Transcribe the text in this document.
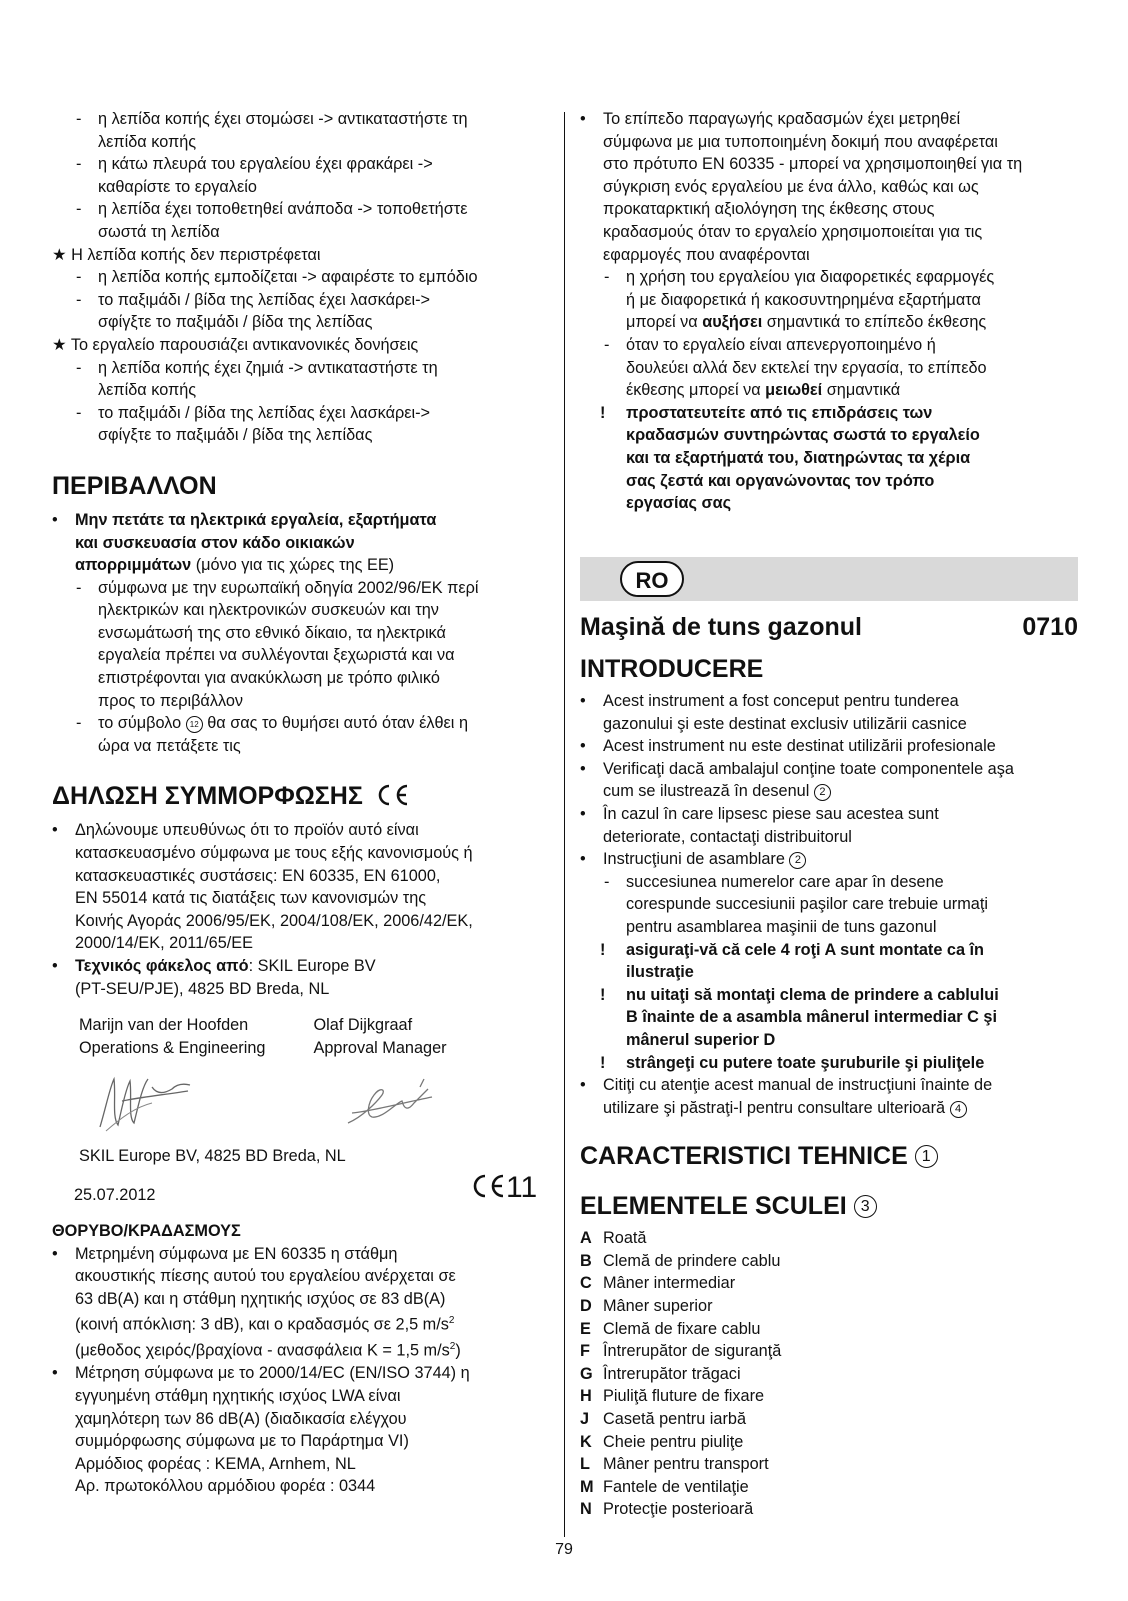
-	η λεπίδα κοπής έχει στομώσει -> αντικαταστήστε τη
λεπίδα κοπής
-	η κάτω πλευρά του εργαλείου έχει φρακάρει ->
καθαρίστε το εργαλείο
-	η λεπίδα έχει τοποθετηθεί ανάποδα -> τοποθετήστε
σωστά τη λεπίδα
★ Η λεπίδα κοπής δεν περιστρέφεται
-	η λεπίδα κοπής εμποδίζεται -> αφαιρέστε το εμπόδιο
-	το παξιμάδι / βίδα της λεπίδας έχει λασκάρει->
σφίγξτε το παξιμάδι / βίδα της λεπίδας
★ Το εργαλείο παρουσιάζει αντικανονικές δονήσεις
-	η λεπίδα κοπής έχει ζημιά -> αντικαταστήστε τη
λεπίδα κοπής
-	το παξιμάδι / βίδα της λεπίδας έχει λασκάρει->
σφίγξτε το παξιμάδι / βίδα της λεπίδας
ΠΕΡΙΒΑΛΛΟΝ
•	Μην πετάτε τα ηλεκτρικά εργαλεία, εξαρτήματα
και συσκευασία στον κάδο οικιακών
απορριμμάτων (μόνο για τις χώρες της ΕΕ)
-	σύμφωνα με την ευρωπαϊκή οδηγία 2002/96/ΕΚ περί
ηλεκτρικών και ηλεκτρονικών συσκευών και την
ενσωμάτωσή της στο εθνικό δίκαιο, τα ηλεκτρικά
εργαλεία πρέπει να συλλέγονται ξεχωριστά και να
επιστρέφονται για ανακύκλωση με τρόπο φιλικό
προς το περιβάλλον
-	το σύμβολο 12 θα σας το θυμήσει αυτό όταν έλθει η
ώρα να πετάξετε τις
ΔΗΛΩΣΗ ΣΥΜΜΟΡΦΩΣΗΣ
•	Δηλώνουμε υπευθύνως ότι το προϊόν αυτό είναι
κατασκευασμένο σύμφωνα με τους εξής κανονισμούς ή
κατασκευαστικές συστάσεις: EN 60335, EN 61000,
EN 55014 κατά τις διατάξεις των κανονισμών της
Κοινής Αγοράς 2006/95/ΕΚ, 2004/108/ΕΚ, 2006/42/ΕΚ,
2000/14/ΕΚ, 2011/65/ΕΕ
•	Τεχνικός φάκελος από: SKIL Europe BV
(PT-SEU/PJE), 4825 BD Breda, NL
Marijn van der Hoofden
Operations & Engineering
Olaf Dijkgraaf
Approval Manager
SKIL Europe BV, 4825 BD Breda, NL
25.07.2012	11
ΘΟΡΥΒΟ/ΚΡΑΔΑΣΜΟΥΣ
•	Μετρημένη σύμφωνα με EN 60335 η στάθμη
ακουστικής πίεσης αυτού του εργαλείου ανέρχεται σε
63 dB(A) και η στάθμη ηχητικής ισχύος σε 83 dB(A)
(κοινή απόκλιση: 3 dB), και ο κραδασμός σε 2,5 $m/s^2$
(μεθοδος χειρός/βραχίονα - ανασφάλεια K = 1,5 $m/s^2$)
•	Μέτρηση σύμφωνα με το 2000/14/EC (EN/ISO 3744) η
εγγυημένη στάθμη ηχητικής ισχύος LWA είναι
χαμηλότερη των 86 dB(A) (διαδικασία ελέγχου
συμμόρφωσης σύμφωνα με το Παράρτημα VI)
Αρμόδιος φορέας : KEMA, Arnhem, NL
Αρ. πρωτοκόλλου αρμόδιου φορέα : 0344
•	Το επίπεδο παραγωγής κραδασμών έχει μετρηθεί
σύμφωνα με μια τυποποιημένη δοκιμή που αναφέρεται
στο πρότυπο EN 60335 - μπορεί να χρησιμοποιηθεί για τη
σύγκριση ενός εργαλείου με ένα άλλο, καθώς και ως
προκαταρκτική αξιολόγηση της έκθεσης στους
κραδασμούς όταν το εργαλείο χρησιμοποιείται για τις
εφαρμογές που αναφέρονται
-	η χρήση του εργαλείου για διαφορετικές εφαρμογές
ή με διαφορετικά ή κακοσυντηρημένα εξαρτήματα
μπορεί να αυξήσει σημαντικά το επίπεδο έκθεσης
-	όταν το εργαλείο είναι απενεργοποιημένο ή
δουλεύει αλλά δεν εκτελεί την εργασία, το επίπεδο
έκθεσης μπορεί να μειωθεί σημαντικά
!	προστατευτείτε από τις επιδράσεις των
κραδασμών συντηρώντας σωστά το εργαλείο
και τα εξαρτήματά του, διατηρώντας τα χέρια
σας ζεστά και οργανώνοντας τον τρόπο
εργασίας σας
RO
Maşină de tuns gazonul	0710
INTRODUCERE
•	Acest instrument a fost conceput pentru tunderea
gazonului şi este destinat exclusiv utilizării casnice
•	Acest instrument nu este destinat utilizării profesionale
•	Verificaţi dacă ambalajul conţine toate componentele aşa
cum se ilustrează în desenul 2
•	În cazul în care lipsesc piese sau acestea sunt
deteriorate, contactaţi distribuitorul
•	Instrucţiuni de asamblare 2
-	succesiunea numerelor care apar în desene
corespunde succesiunii paşilor care trebuie urmaţi
pentru asamblarea maşinii de tuns gazonul
!	asiguraţi-vă că cele 4 roţi A sunt montate ca în
ilustraţie
!	nu uitaţi să montaţi clema de prindere a cablului
B înainte de a asambla mânerul intermediar C şi
mânerul superior D
!	strângeţi cu putere toate şuruburile şi piuliţele
•	Citiţi cu atenţie acest manual de instrucţiuni înainte de
utilizare şi păstraţi-l pentru consultare ulterioară 4
CARACTERISTICI TEHNICE 1
ELEMENTELE SCULEI 3
A Roată
B Clemă de prindere cablu
C Mâner intermediar
D Mâner superior
E Clemă de fixare cablu
F Întrerupător de siguranţă
G Întrerupător trăgaci
H Piuliţă fluture de fixare
J Casetă pentru iarbă
K Cheie pentru piuliţe
L Mâner pentru transport
M Fantele de ventilaţie
N Protecţie posterioară
79
